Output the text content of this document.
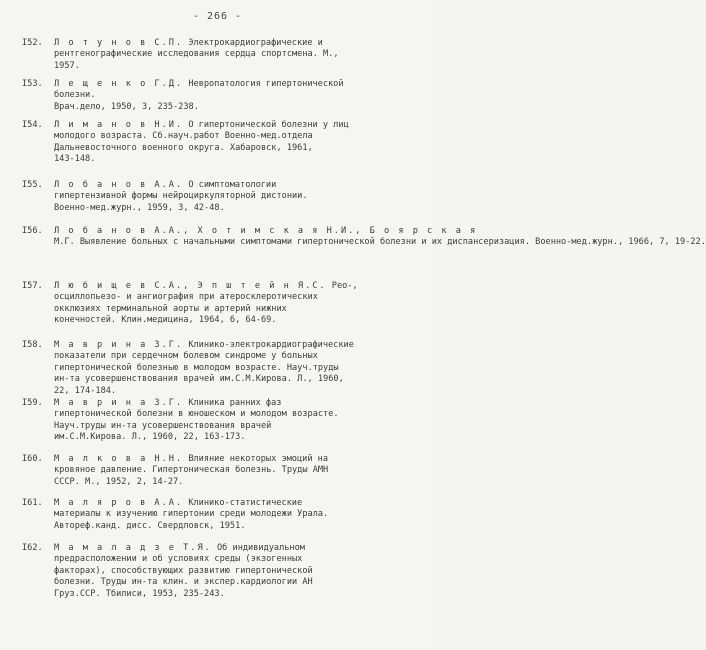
- 266 -
I52.	Л о т у н о в С.П. Электрокардиографические и
рентгенографические исследования сердца спортсмена. М.,
1957.
I53.	Л е щ е н к о Г.Д. Невропатология гипертонической
болезни.
Врач.дело, 1950, 3, 235-238.
I54.	Л и м а н о в Н.И. О гипертонической болезни у лиц
молодого возраста. Сб.науч.работ Военно-мед.отдела
Дальневосточного военного округа. Хабаровск, 1961,
143-148.
I55.	Л о б а н о в А.А. О симптоматологии
гипертензивной формы нейроциркуляторной дистонии.
Военно-мед.журн., 1959, 3, 42-48.
I56.	Л о б а н о в А.А., Х о т и м с к а я Н.И., Б о я р с к а я
М.Г. Выявление больных с начальными симптомами гипертонической болезни и их диспансеризация. Военно-мед.журн., 1966, 7, 19-22.
I57.	Л ю б и щ е в С.А., Э п ш т е й н Я.С. Рео-,
осциллопьезо- и ангиография при атеросклеротических
окклюзиях терминальной аорты и артерий нижних
конечностей. Клин.медицина, 1964, 6, 64-69.
I58.	М а в р и н а З.Г. Клинико-электрокардиографические
показатели при сердечном болевом синдроме у больных
гипертонической болезнью в молодом возрасте. Науч.труды
ин-та усовершенствования врачей им.С.М.Кирова. Л., 1960,
22, 174-184.
I59.	М а в р и н а З.Г. Клиника ранних фаз
гипертонической болезни в юношеском и молодом возрасте.
Науч.труды ин-та усовершенствования врачей
им.С.М.Кирова. Л., 1960, 22, 163-173.
I60.	М а л к о в а Н.Н. Влияние некоторых эмоций на
кровяное давление. Гипертоническая болезнь. Труды АМН
СССР. М., 1952, 2, 14-27.
I61.	М а л я р о в А.А. Клинико-статистические
материалы к изучению гипертонии среди молодежи Урала.
Автореф.канд. дисс. Свердловск, 1951.
I62.	М а м а л а д з е Т.Я. Об индивидуальном
предрасположении и об условиях среды (экзогенных
факторах), способствующих развитию гипертонической
болезни. Труды ин-та клин. и экспер.кардиологии АН
Груз.ССР. Тбилиси, 1953, 235-243.
